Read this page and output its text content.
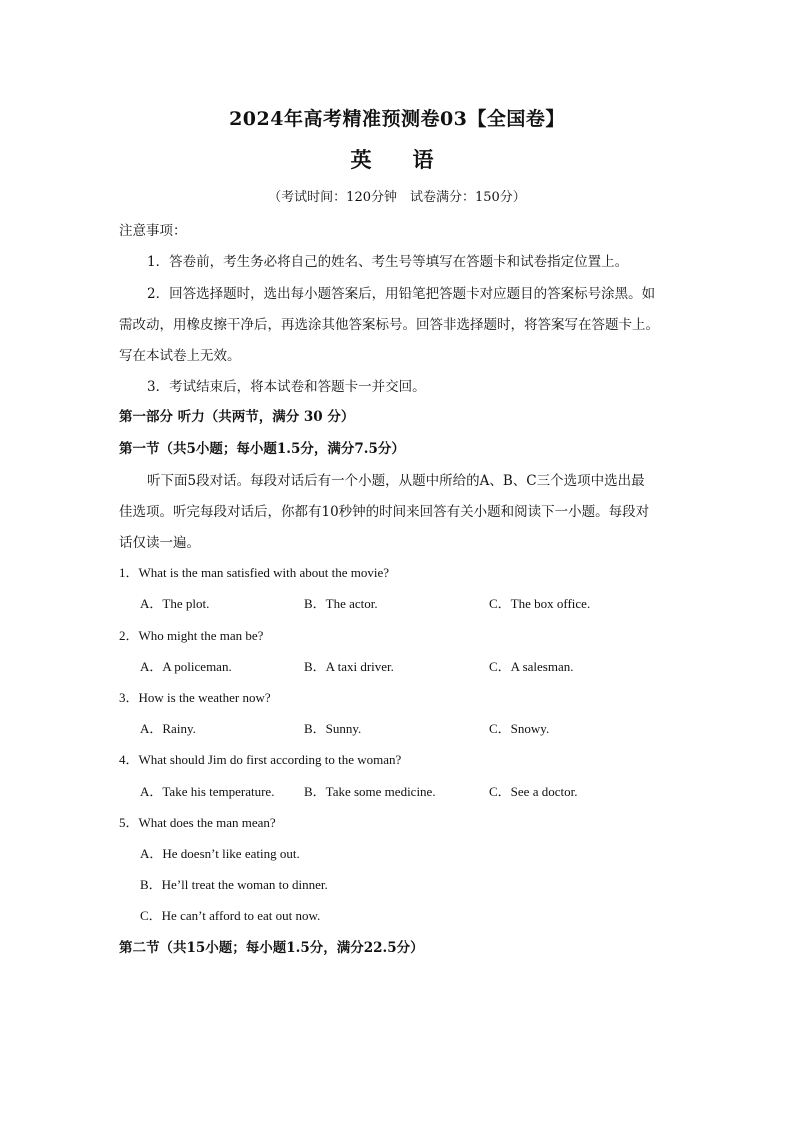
2024年高考精准预测卷03【全国卷】
英　语
（考试时间：120分钟　试卷满分：150分）
注意事项：
1．答卷前，考生务必将自己的姓名、考生号等填写在答题卡和试卷指定位置上。
2．回答选择题时，选出每小题答案后，用铅笔把答题卡对应题目的答案标号涂黑。如
需改动，用橡皮擦干净后，再选涂其他答案标号。回答非选择题时，将答案写在答题卡上。
写在本试卷上无效。
3．考试结束后，将本试卷和答题卡一并交回。
第一部分 听力（共两节，满分 30 分）
第一节（共5小题；每小题1.5分，满分7.5分）
听下面5段对话。每段对话后有一个小题，从题中所给的A、B、C三个选项中选出最
佳选项。听完每段对话后，你都有10秒钟的时间来回答有关小题和阅读下一小题。每段对
话仅读一遍。
1．What is the man satisfied with about the movie?
A．The plot.	B．The actor.	C．The box office.
2．Who might the man be?
A．A policeman.	B．A taxi driver.	C．A salesman.
3．How is the weather now?
A．Rainy.	B．Sunny.	C．Snowy.
4．What should Jim do first according to the woman?
A．Take his temperature. B．Take some medicine.	C．See a doctor.
5．What does the man mean?
A．He doesn’t like eating out.
B．He’ll treat the woman to dinner.
C．He can’t afford to eat out now.
第二节（共15小题；每小题1.5分，满分22.5分）
